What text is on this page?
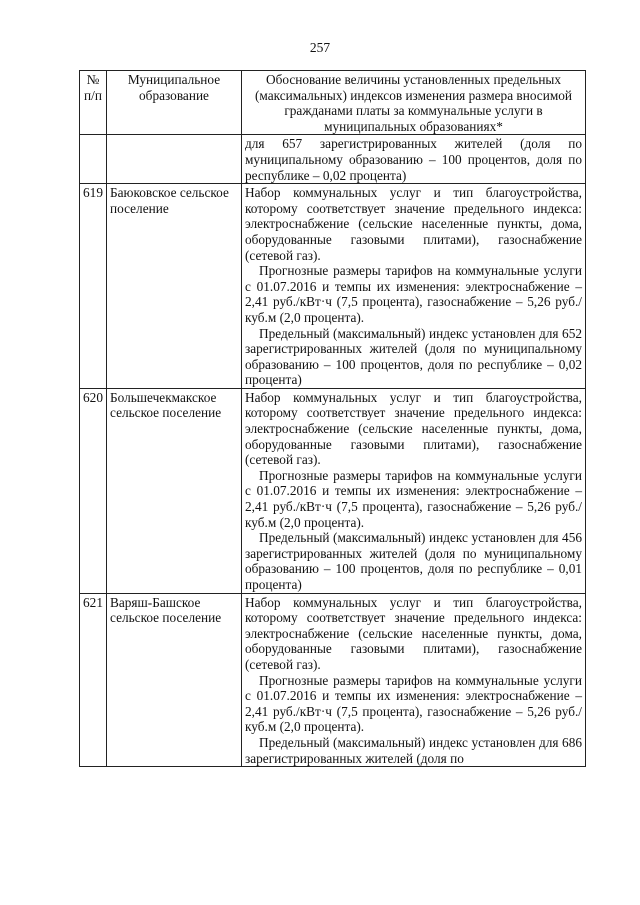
257
№ п/п	Муниципальное образование	Обоснование величины установленных предельных (максимальных) индексов изменения размера вносимой гражданами платы за коммунальные услуги в муниципальных образованиях*

		для 657 зарегистрированных жителей (доля по муниципальному образованию – 100 процентов, доля по республике – 0,02 процента)

619	Баюковское сельское поселение	Набор коммунальных услуг и тип благоустройства, которому соответствует значение предельного индекса: электроснабжение (сельские населенные пункты, дома, оборудованные газовыми плитами), газоснабжение (сетевой газ).
Прогнозные размеры тарифов на коммунальные услуги с 01.07.2016 и темпы их изменения: электроснабжение – 2,41 руб./кВт·ч (7,5 процента), газоснабжение – 5,26 руб./куб.м (2,0 процента).
Предельный (максимальный) индекс установлен для 652 зарегистрированных жителей (доля по муниципальному образованию – 100 процентов, доля по республике – 0,02 процента)

620	Большечекмакское сельское поселение	Набор коммунальных услуг и тип благоустройства, которому соответствует значение предельного индекса: электроснабжение (сельские населенные пункты, дома, оборудованные газовыми плитами), газоснабжение (сетевой газ).
Прогнозные размеры тарифов на коммунальные услуги с 01.07.2016 и темпы их изменения: электроснабжение – 2,41 руб./кВт·ч (7,5 процента), газоснабжение – 5,26 руб./куб.м (2,0 процента).
Предельный (максимальный) индекс установлен для 456 зарегистрированных жителей (доля по муниципальному образованию – 100 процентов, доля по республике – 0,01 процента)

621	Варяш-Башское сельское поселение	Набор коммунальных услуг и тип благоустройства, которому соответствует значение предельного индекса: электроснабжение (сельские населенные пункты, дома, оборудованные газовыми плитами), газоснабжение (сетевой газ).
Прогнозные размеры тарифов на коммунальные услуги с 01.07.2016 и темпы их изменения: электроснабжение – 2,41 руб./кВт·ч (7,5 процента), газоснабжение – 5,26 руб./куб.м (2,0 процента).
Предельный (максимальный) индекс установлен для 686 зарегистрированных жителей (доля по
